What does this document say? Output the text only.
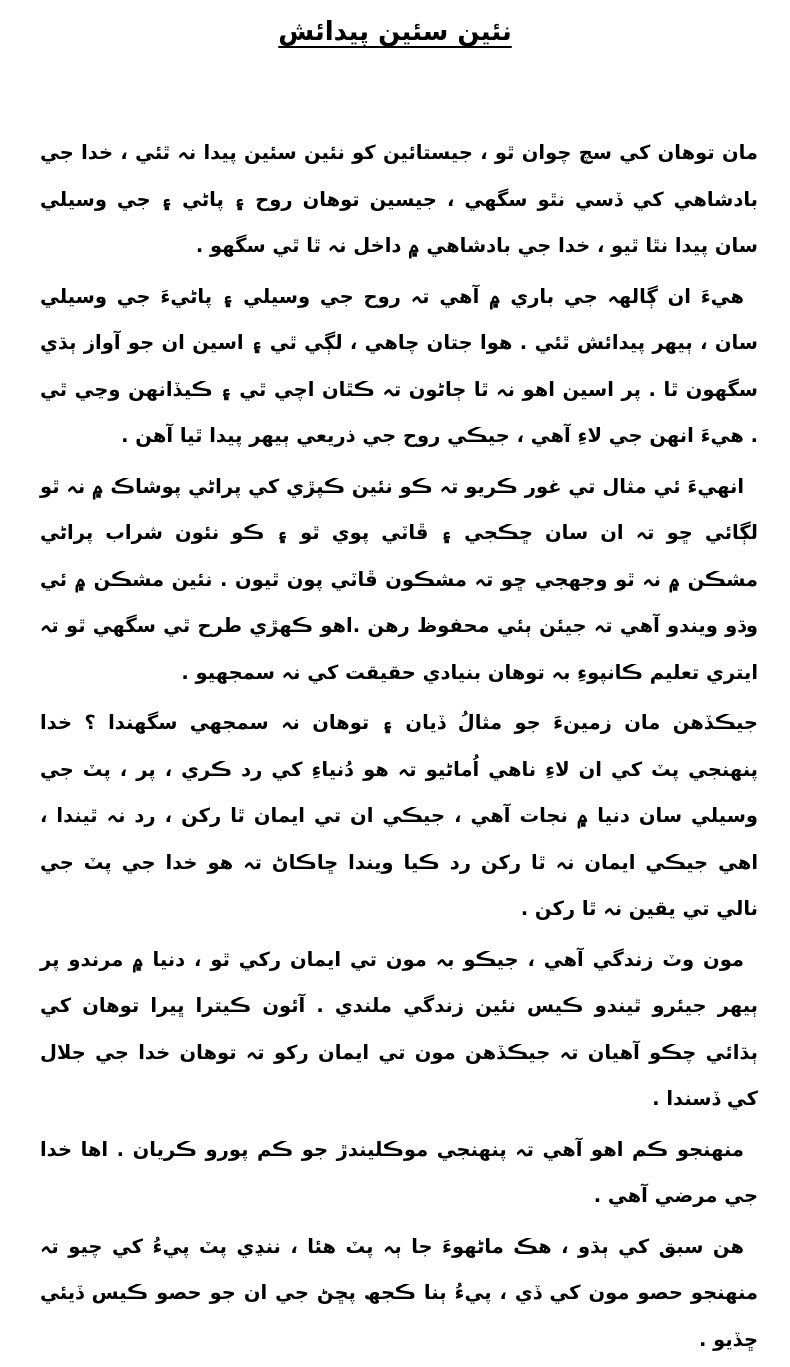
نئين سئين پيدائش

مان توهان کي سچ چوان ٿو ، جيستائين کو نئين سئين پيدا نہ ٿئي ، خدا جي بادشاهي کي ڏسي نٿو سگھي ، جيسين توهان روح ۽ پاڻي ۽ جي وسيلي سان پيدا نٿا ٿيو ، خدا جي بادشاهي ۾ داخل نہ ٿا ٿي سگھو .

هيءَ ان ڳالهہ جي باري ۾ آهي تہ روح جي وسيلي ۽ پاڻيءَ جي وسيلي سان ، ٻيهر پيدائش ٿئي . هوا جتان چاهي ، لڳي ٿي ۽ اسين ان جو آواز ٻڌي سگھون ٿا . پر اسين اهو نہ ٿا ڄاڻون تہ ڪٿان اچي ٿي ۽ ڪيڏانهن وڃي ٿي . هيءَ انهن جي لاءِ آهي ، جيڪي روح جي ذريعي ٻيهر پيدا ٿيا آهن .

انهيءَ ئي مثال تي غور ڪريو تہ ڪو نئين ڪپڙي کي پراڻي پوشاڪ ۾ نہ ٿو لڳائي ڇو تہ ان سان ڇڪجي ۽ ڦاٽي پوي ٿو ۽ ڪو نئون شراب پراڻي مشڪن ۾ نہ ٿو وجهجي ڇو تہ مشڪون ڦاٽي پون ٿيون . نئين مشڪن ۾ ئي وڌو ويندو آهي تہ جيئن ٻئي محفوظ رهن .اهو ڪهڙي طرح ٿي سگھي ٿو تہ ايتري تعليم ڪانپوءِ بہ توهان بنيادي حقيقت کي نہ سمجهيو .

جيڪڏهن مان زمينءَ جو مثالُ ڏيان ۽ توهان نہ سمجهي سگهندا ؟ خدا پنهنجي پٽ کي ان لاءِ ناهي اُماڻيو تہ هو دُنياءِ کي رد ڪري ، پر ، پٽ جي وسيلي سان دنيا ۾ نجات آهي ، جيڪي ان تي ايمان ٿا رکن ، رد نہ ٿيندا ، اهي جيڪي ايمان نہ ٿا رکن رد ڪيا ويندا ڇاڪاڻ تہ هو خدا جي پٽ جي نالي تي يقين نہ ٿا رکن .

مون وٽ زندگي آهي ، جيڪو بہ مون تي ايمان رکي ٿو ، دنيا ۾ مرندو پر ٻيهر جيئرو ٿيندو ڪيس نئين زندگي ملندي . آئون ڪيترا ڀيرا توهان کي ٻڌائي چڪو آهيان تہ جيڪڏهن مون تي ايمان رکو تہ توهان خدا جي جلال کي ڏسندا .

منهنجو ڪم اهو آهي تہ پنهنجي موڪليندڙ جو ڪم پورو ڪريان . اها خدا جي مرضي آهي .

هن سبق کي ٻڌو ، هڪ ماڻهوءَ جا ٻہ پٽ هئا ، ننڍي پٽ پيءُ کي چيو تہ منهنجو حصو مون کي ڏي ، پيءُ ٻنا ڪجھ پڇڻ جي ان جو حصو ڪيس ڏيئي ڇڏيو .
